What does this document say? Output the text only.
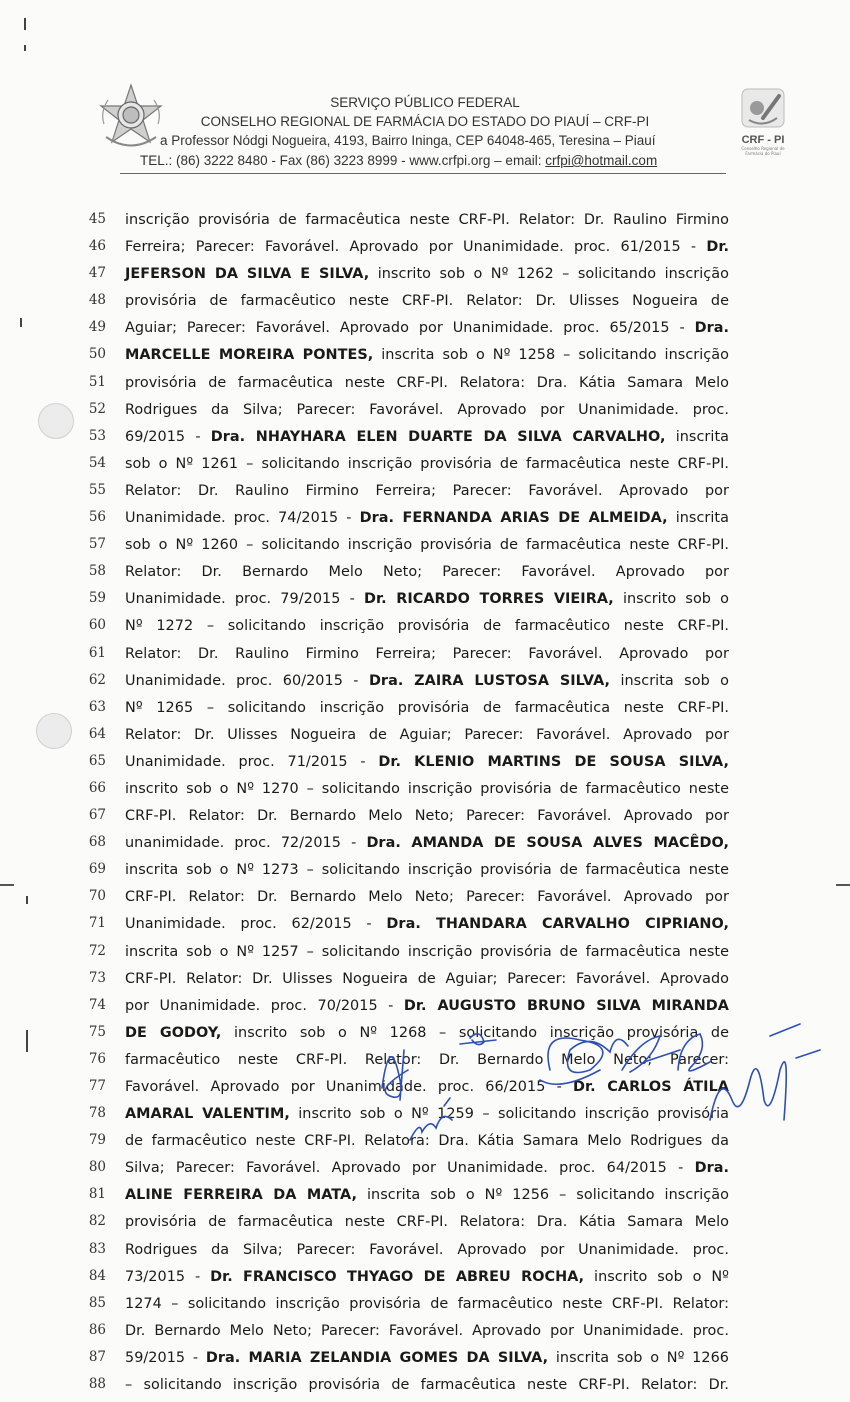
SERVIÇO PÚBLICO FEDERAL
CONSELHO REGIONAL DE FARMÁCIA DO ESTADO DO PIAUÍ – CRF-PI
a Professor Nódgi Nogueira, 4193, Bairro Ininga, CEP 64048-465, Teresina – Piauí
TEL.: (86) 3222 8480 - Fax (86) 3223 8999 - www.crfpi.org – email: crfpi@hotmail.com
CRF - PI
Conselho Regional de Farmácia do Piauí
45 inscrição provisória de farmacêutica neste CRF-PI. Relator: Dr. Raulino Firmino
46 Ferreira; Parecer: Favorável. Aprovado por Unanimidade. proc. 61/2015 - Dr.
47 JEFERSON DA SILVA E SILVA, inscrito sob o Nº 1262 – solicitando inscrição
48 provisória de farmacêutico neste CRF-PI. Relator: Dr. Ulisses Nogueira de
49 Aguiar; Parecer: Favorável. Aprovado por Unanimidade. proc. 65/2015 - Dra.
50 MARCELLE MOREIRA PONTES, inscrita sob o Nº 1258 – solicitando inscrição
51 provisória de farmacêutica neste CRF-PI. Relatora: Dra. Kátia Samara Melo
52 Rodrigues da Silva; Parecer: Favorável. Aprovado por Unanimidade. proc.
53 69/2015 - Dra. NHAYHARA ELEN DUARTE DA SILVA CARVALHO, inscrita
54 sob o Nº 1261 – solicitando inscrição provisória de farmacêutica neste CRF-PI.
55 Relator: Dr. Raulino Firmino Ferreira; Parecer: Favorável. Aprovado por
56 Unanimidade. proc. 74/2015 - Dra. FERNANDA ARIAS DE ALMEIDA, inscrita
57 sob o Nº 1260 – solicitando inscrição provisória de farmacêutica neste CRF-PI.
58 Relator: Dr. Bernardo Melo Neto; Parecer: Favorável. Aprovado por
59 Unanimidade. proc. 79/2015 - Dr. RICARDO TORRES VIEIRA, inscrito sob o
60 Nº 1272 – solicitando inscrição provisória de farmacêutico neste CRF-PI.
61 Relator: Dr. Raulino Firmino Ferreira; Parecer: Favorável. Aprovado por
62 Unanimidade. proc. 60/2015 - Dra. ZAIRA LUSTOSA SILVA, inscrita sob o
63 Nº 1265 – solicitando inscrição provisória de farmacêutica neste CRF-PI.
64 Relator: Dr. Ulisses Nogueira de Aguiar; Parecer: Favorável. Aprovado por
65 Unanimidade. proc. 71/2015 - Dr. KLENIO MARTINS DE SOUSA SILVA,
66 inscrito sob o Nº 1270 – solicitando inscrição provisória de farmacêutico neste
67 CRF-PI. Relator: Dr. Bernardo Melo Neto; Parecer: Favorável. Aprovado por
68 unanimidade. proc. 72/2015 - Dra. AMANDA DE SOUSA ALVES MACÊDO,
69 inscrita sob o Nº 1273 – solicitando inscrição provisória de farmacêutica neste
70 CRF-PI. Relator: Dr. Bernardo Melo Neto; Parecer: Favorável. Aprovado por
71 Unanimidade. proc. 62/2015 - Dra. THANDARA CARVALHO CIPRIANO,
72 inscrita sob o Nº 1257 – solicitando inscrição provisória de farmacêutica neste
73 CRF-PI. Relator: Dr. Ulisses Nogueira de Aguiar; Parecer: Favorável. Aprovado
74 por Unanimidade. proc. 70/2015 - Dr. AUGUSTO BRUNO SILVA MIRANDA
75 DE GODOY, inscrito sob o Nº 1268 – solicitando inscrição provisória de
76 farmacêutico neste CRF-PI. Relator: Dr. Bernardo Melo Neto; Parecer:
77 Favorável. Aprovado por Unanimidade. proc. 66/2015 - Dr. CARLOS ÁTILA
78 AMARAL VALENTIM, inscrito sob o Nº 1259 – solicitando inscrição provisória
79 de farmacêutico neste CRF-PI. Relatora: Dra. Kátia Samara Melo Rodrigues da
80 Silva; Parecer: Favorável. Aprovado por Unanimidade. proc. 64/2015 - Dra.
81 ALINE FERREIRA DA MATA, inscrita sob o Nº 1256 – solicitando inscrição
82 provisória de farmacêutica neste CRF-PI. Relatora: Dra. Kátia Samara Melo
83 Rodrigues da Silva; Parecer: Favorável. Aprovado por Unanimidade. proc.
84 73/2015 - Dr. FRANCISCO THYAGO DE ABREU ROCHA, inscrito sob o Nº
85 1274 – solicitando inscrição provisória de farmacêutico neste CRF-PI. Relator:
86 Dr. Bernardo Melo Neto; Parecer: Favorável. Aprovado por Unanimidade. proc.
87 59/2015 - Dra. MARIA ZELANDIA GOMES DA SILVA, inscrita sob o Nº 1266
88 – solicitando inscrição provisória de farmacêutica neste CRF-PI. Relator: Dr.
